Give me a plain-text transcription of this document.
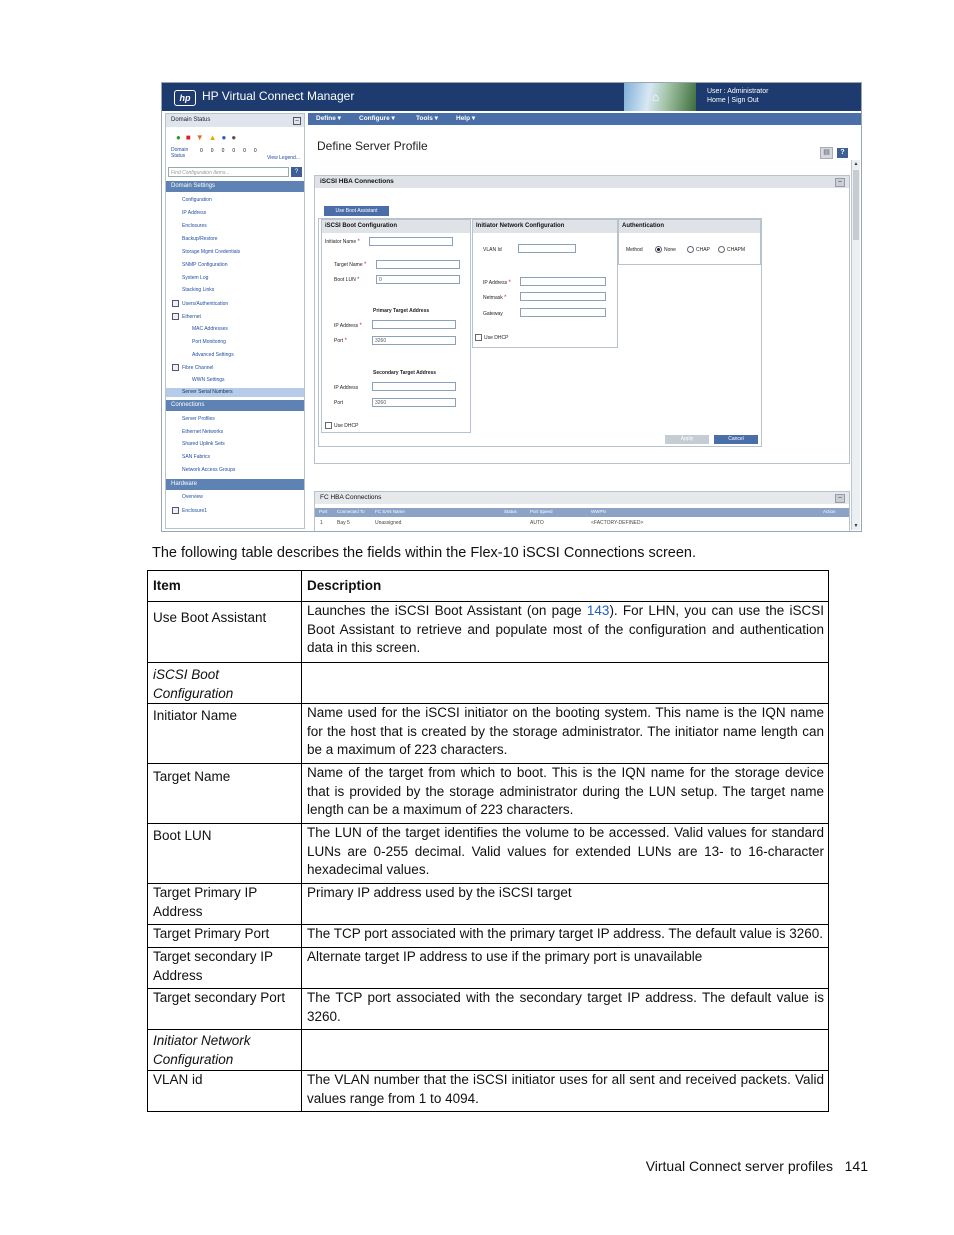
hp HP Virtual Connect Manager	⌂	User : Administrator
Home | Sign Out
Domain Status	–
●■▼▲●●
Domain Status
000000
View Legend...
Find Configuration Items...	?
Domain Settings
Configuration
IP Address
Enclosures
Backup/Restore
Storage Mgmt Credentials
SNMP Configuration
System Log
Stacking Links
Users/Authentication
Ethernet
MAC Addresses
Port Monitoring
Advanced Settings
Fibre Channel
WWN Settings
Server Serial Numbers
Connections
Server Profiles
Ethernet Networks
Shared Uplink Sets
SAN Fabrics
Network Access Groups
Hardware
Overview
Enclosure1
Define ▾	Configure ▾	Tools ▾	Help ▾
Define Server Profile	▤ ?
iSCSI HBA Connections	–
Use Boot Assistant
iSCSI Boot Configuration
Initiator Name *
Target Name *
Boot LUN *	0
Primary Target Address
IP Address *
Port *	3260
Secondary Target Address
IP Address
Port	3260
Use DHCP
Initiator Network Configuration
VLAN Id
IP Address *
Netmask *
Gateway
Use DHCP
Authentication
Method	None	CHAP	CHAPM
Apply	Cancel
FC HBA Connections	–
Port Connected To FC SAN Name	Status	Port Speed	WWPN	Action
1	Bay 5	Unassigned	AUTO	<FACTORY-DEFINED>
▲
▼
The following table describes the fields within the Flex-10 iSCSI Connections screen.
Item	Description
Use Boot Assistant	Launches the iSCSI Boot Assistant (on page 143). For LHN, you can use the iSCSI Boot Assistant to retrieve and populate most of the configuration and authentication data in this screen.
iSCSI Boot Configuration	
Initiator Name	Name used for the iSCSI initiator on the booting system. This name is the IQN name for the host that is created by the storage administrator. The initiator name length can be a maximum of 223 characters.
Target Name	Name of the target from which to boot. This is the IQN name for the storage device that is provided by the storage administrator during the LUN setup. The target name length can be a maximum of 223 characters.
Boot LUN	The LUN of the target identifies the volume to be accessed. Valid values for standard LUNs are 0-255 decimal. Valid values for extended LUNs are 13- to 16-character hexadecimal values.
Target Primary IP Address	Primary IP address used by the iSCSI target
Target Primary Port	The TCP port associated with the primary target IP address. The default value is 3260.
Target secondary IP Address	Alternate target IP address to use if the primary port is unavailable
Target secondary Port	The TCP port associated with the secondary target IP address. The default value is 3260.
Initiator Network Configuration	
VLAN id	The VLAN number that the iSCSI initiator uses for all sent and received packets. Valid values range from 1 to 4094.
Virtual Connect server profiles 141
